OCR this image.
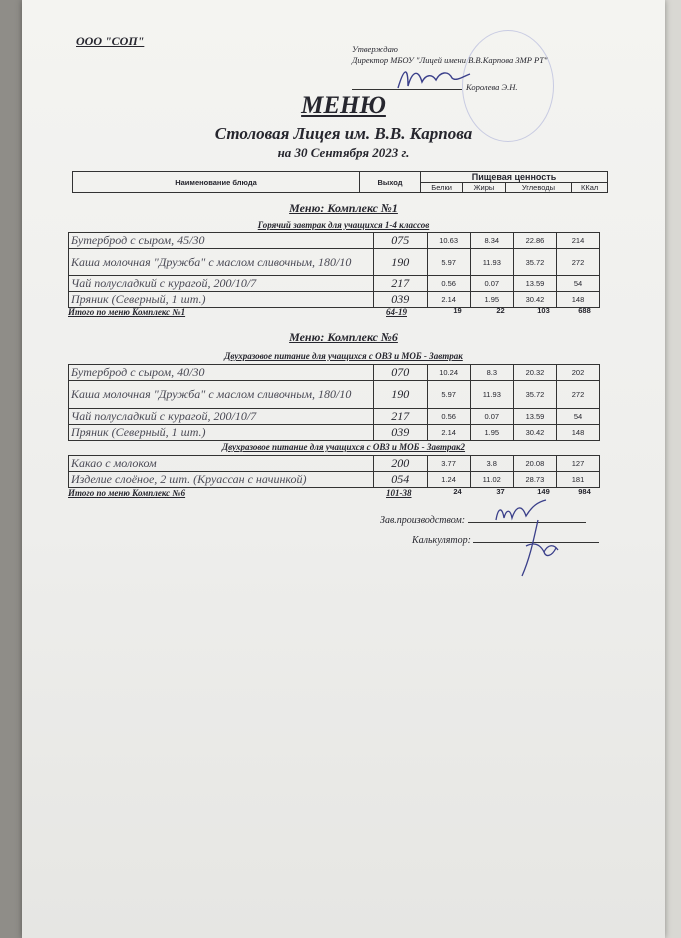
ООО "СОП"
Утверждаю
Директор МБОУ "Лицей имени В.В.Карпова ЗМР РТ"
Королева Э.Н.
МЕНЮ
Столовая Лицея им. В.В. Карпова
на 30 Сентября 2023 г.
Наименование блюда	Выход	Пищевая ценность			
		Белки	Жиры	Углеводы	ККал
Меню: Комплекс №1
Горячий завтрак для учащихся 1-4 классов
Бутерброд с сыром, 45/30	075	10.63	8.34	22.86	214
Каша молочная "Дружба" с маслом сливочным, 180/10	190	5.97	11.93	35.72	272
Чай полусладкий с курагой, 200/10/7	217	0.56	0.07	13.59	54
Пряник (Северный, 1 шт.)	039	2.14	1.95	30.42	148
Итого по меню Комплекс №1	64-19	19	22	103	688
Меню: Комплекс №6
Двухразовое питание для учащихся с ОВЗ и МОБ - Завтрак
Бутерброд с сыром, 40/30	070	10.24	8.3	20.32	202
Каша молочная "Дружба" с маслом сливочным, 180/10	190	5.97	11.93	35.72	272
Чай полусладкий с курагой, 200/10/7	217	0.56	0.07	13.59	54
Пряник (Северный, 1 шт.)	039	2.14	1.95	30.42	148
Двухразовое питание для учащихся с ОВЗ и МОБ - Завтрак2
Какао с молоком	200	3.77	3.8	20.08	127
Изделие слоёное, 2 шт. (Круассан с начинкой)	054	1.24	11.02	28.73	181
Итого по меню Комплекс №6	101-38	24	37	149	984
Зав.производством:
Калькулятор:
